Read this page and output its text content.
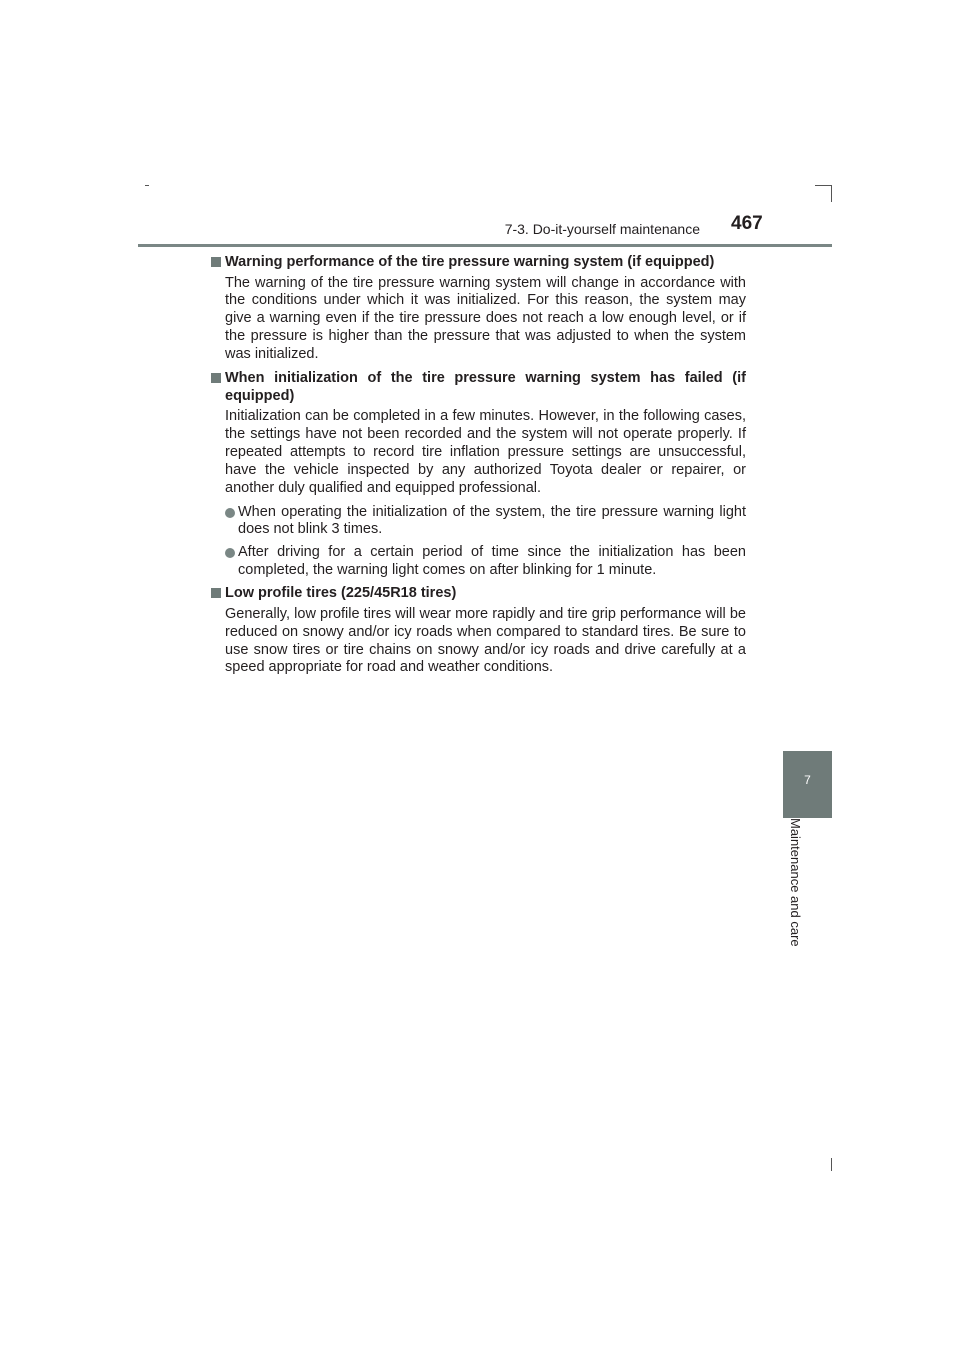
7-3. Do-it-yourself maintenance 467
7
Maintenance and care
Warning performance of the tire pressure warning system (if equipped)
The warning of the tire pressure warning system will change in accordance with the conditions under which it was initialized. For this reason, the system may give a warning even if the tire pressure does not reach a low enough level, or if the pressure is higher than the pressure that was adjusted to when the system was initialized.
When initialization of the tire pressure warning system has failed (if equipped)
Initialization can be completed in a few minutes. However, in the following cases, the settings have not been recorded and the system will not operate properly. If repeated attempts to record tire inflation pressure settings are unsuccessful, have the vehicle inspected by any authorized Toyota dealer or repairer, or another duly qualified and equipped professional.
When operating the initialization of the system, the tire pressure warning light does not blink 3 times.
After driving for a certain period of time since the initialization has been completed, the warning light comes on after blinking for 1 minute.
Low profile tires (225/45R18 tires)
Generally, low profile tires will wear more rapidly and tire grip performance will be reduced on snowy and/or icy roads when compared to standard tires. Be sure to use snow tires or tire chains on snowy and/or icy roads and drive carefully at a speed appropriate for road and weather conditions.
